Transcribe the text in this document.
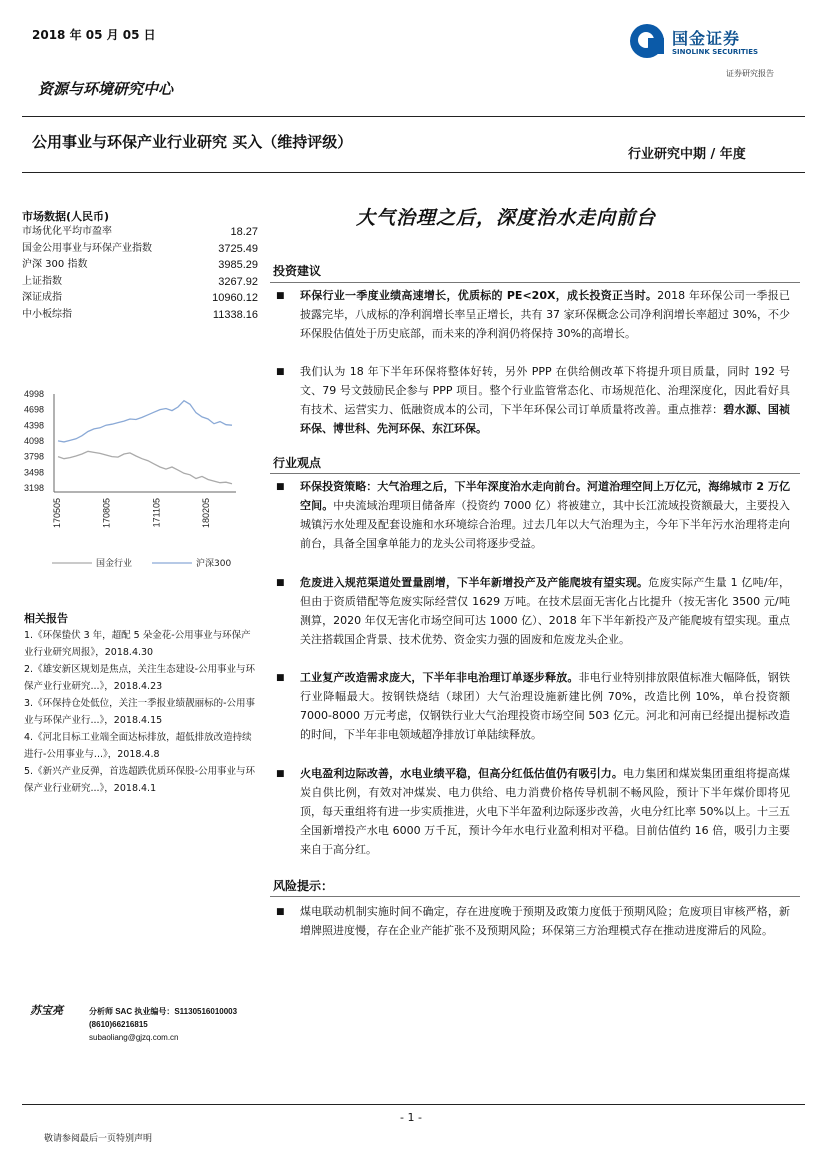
2018 年 05 月 05 日	国金证券
SINOLINK SECURITIES
证券研究报告
资源与环境研究中心
公用事业与环保产业行业研究 买入（维持评级）
行业研究中期 / 年度
市场数据(人民币)
市场优化平均市盈率	18.27
国金公用事业与环保产业指数	3725.49
沪深 300 指数	3985.29
上证指数	3267.92
深证成指	10960.12
中小板综指	11338.16
4998
4698
4398
4098
3798
3498
3198
170505	170805	171105	180205
国金行业	沪深300
相关报告
1.《环保蛰伏 3 年，超配 5 朵金花-公用事业与环保产业行业研究周报》，2018.4.30
2.《雄安新区规划是焦点，关注生态建设-公用事业与环保产业行业研究...》，2018.4.23
3.《环保持仓处低位，关注一季报业绩靓丽标的-公用事业与环保产业行...》，2018.4.15
4.《河北目标工业端全面达标排放，超低排放改造持续进行-公用事业与...》，2018.4.8
5.《新兴产业反弹，首选超跌优质环保股-公用事业与环保产业行业研究...》，2018.4.1
苏宝亮	分析师 SAC 执业编号：S1130516010003
(8610)66216815
subaoliang@gjzq.com.cn
大气治理之后，深度治水走向前台
投资建议
■ 环保行业一季度业绩高速增长，优质标的 PE<20X，成长投资正当时。2018 年环保公司一季报已披露完毕，八成标的净利润增长率呈正增长，共有 37 家环保概念公司净利润增长率超过 30%，不少环保股估值处于历史底部，而未来的净利润仍将保持 30%的高增长。
■ 我们认为 18 年下半年环保将整体好转，另外 PPP 在供给侧改革下将提升项目质量，同时 192 号文、79 号文鼓励民企参与 PPP 项目。整个行业监管常态化、市场规范化、治理深度化，因此看好具有技术、运营实力、低融资成本的公司，下半年环保公司订单质量将改善。重点推荐：碧水源、国祯环保、博世科、先河环保、东江环保。
行业观点
■ 环保投资策略：大气治理之后，下半年深度治水走向前台。河道治理空间上万亿元，海绵城市 2 万亿空间。中央流域治理项目储备库（投资约 7000 亿）将被建立，其中长江流域投资额最大，主要投入城镇污水处理及配套设施和水环境综合治理。过去几年以大气治理为主，今年下半年污水治理将走向前台，具备全国拿单能力的龙头公司将逐步受益。
■ 危废进入规范渠道处置量剧增，下半年新增投产及产能爬坡有望实现。危废实际产生量 1 亿吨/年，但由于资质错配等危废实际经营仅 1629 万吨。在技术层面无害化占比提升（按无害化 3500 元/吨测算，2020 年仅无害化市场空间可达 1000 亿）、2018 年下半年新投产及产能爬坡有望实现。重点关注搭载国企背景、技术优势、资金实力强的固废和危废龙头企业。
■ 工业复产改造需求庞大，下半年非电治理订单逐步释放。非电行业特别排放限值标准大幅降低，钢铁行业降幅最大。按钢铁烧结（球团）大气治理设施新建比例 70%，改造比例 10%，单台投资额 7000-8000 万元考虑，仅钢铁行业大气治理投资市场空间 503 亿元。河北和河南已经提出提标改造的时间，下半年非电领域超净排放订单陆续释放。
■ 火电盈利边际改善，水电业绩平稳，但高分红低估值仍有吸引力。电力集团和煤炭集团重组将提高煤炭自供比例，有效对冲煤炭、电力供给、电力消费价格传导机制不畅风险，预计下半年煤价即将见顶，每天重组将有进一步实质推进，火电下半年盈利边际逐步改善，火电分红比率 50%以上。十三五全国新增投产水电 6000 万千瓦，预计今年水电行业盈利相对平稳。目前估值约 16 倍，吸引力主要来自于高分红。
风险提示：
■ 煤电联动机制实施时间不确定，存在进度晚于预期及政策力度低于预期风险；危废项目审核严格，新增牌照进度慢，存在企业产能扩张不及预期风险；环保第三方治理模式存在推动进度滞后的风险。
- 1 -
敬请参阅最后一页特别声明
